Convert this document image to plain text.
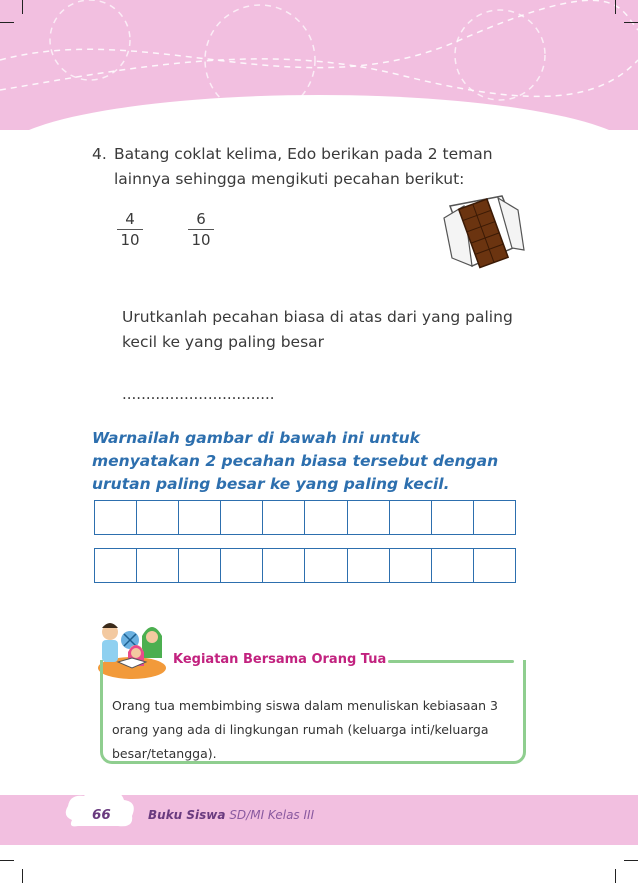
4. Batang coklat kelima, Edo berikan pada 2 teman lainnya sehingga mengikuti pecahan berikut:
4
10
6
10
Urutkanlah pecahan biasa di atas dari yang paling kecil ke yang paling besar
................................
Warnailah gambar di bawah ini untuk menyatakan 2 pecahan biasa tersebut dengan urutan paling besar ke yang paling kecil.
Kegiatan Bersama Orang Tua
Orang tua membimbing siswa dalam menuliskan kebiasaan 3 orang yang ada di lingkungan rumah (keluarga inti/keluarga besar/tetangga).
66	Buku Siswa SD/MI Kelas III
